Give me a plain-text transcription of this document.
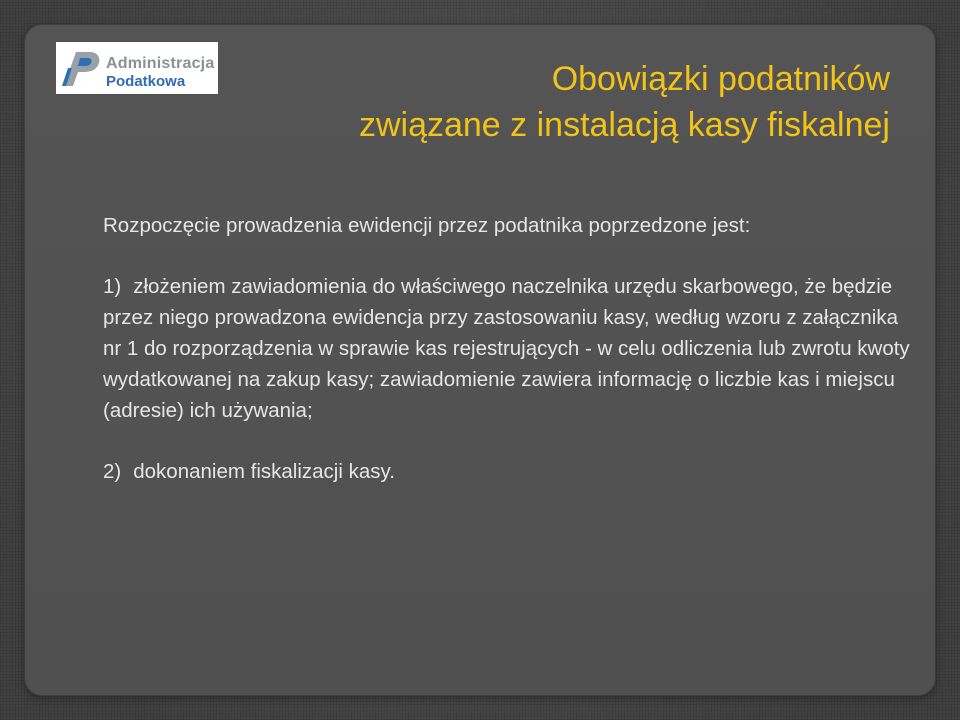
Administracja
Podatkowa	Obowiązki podatników
związane z instalacją kasy fiskalnej

Rozpoczęcie prowadzenia ewidencji przez podatnika poprzedzone jest:

1) złożeniem zawiadomienia do właściwego naczelnika urzędu skarbowego, że będzie przez niego prowadzona ewidencja przy zastosowaniu kasy, według wzoru z załącznika nr 1 do rozporządzenia w sprawie kas rejestrujących - w celu odliczenia lub zwrotu kwoty wydatkowanej na zakup kasy; zawiadomienie zawiera informację o liczbie kas i miejscu (adresie) ich używania;

2) dokonaniem fiskalizacji kasy.
